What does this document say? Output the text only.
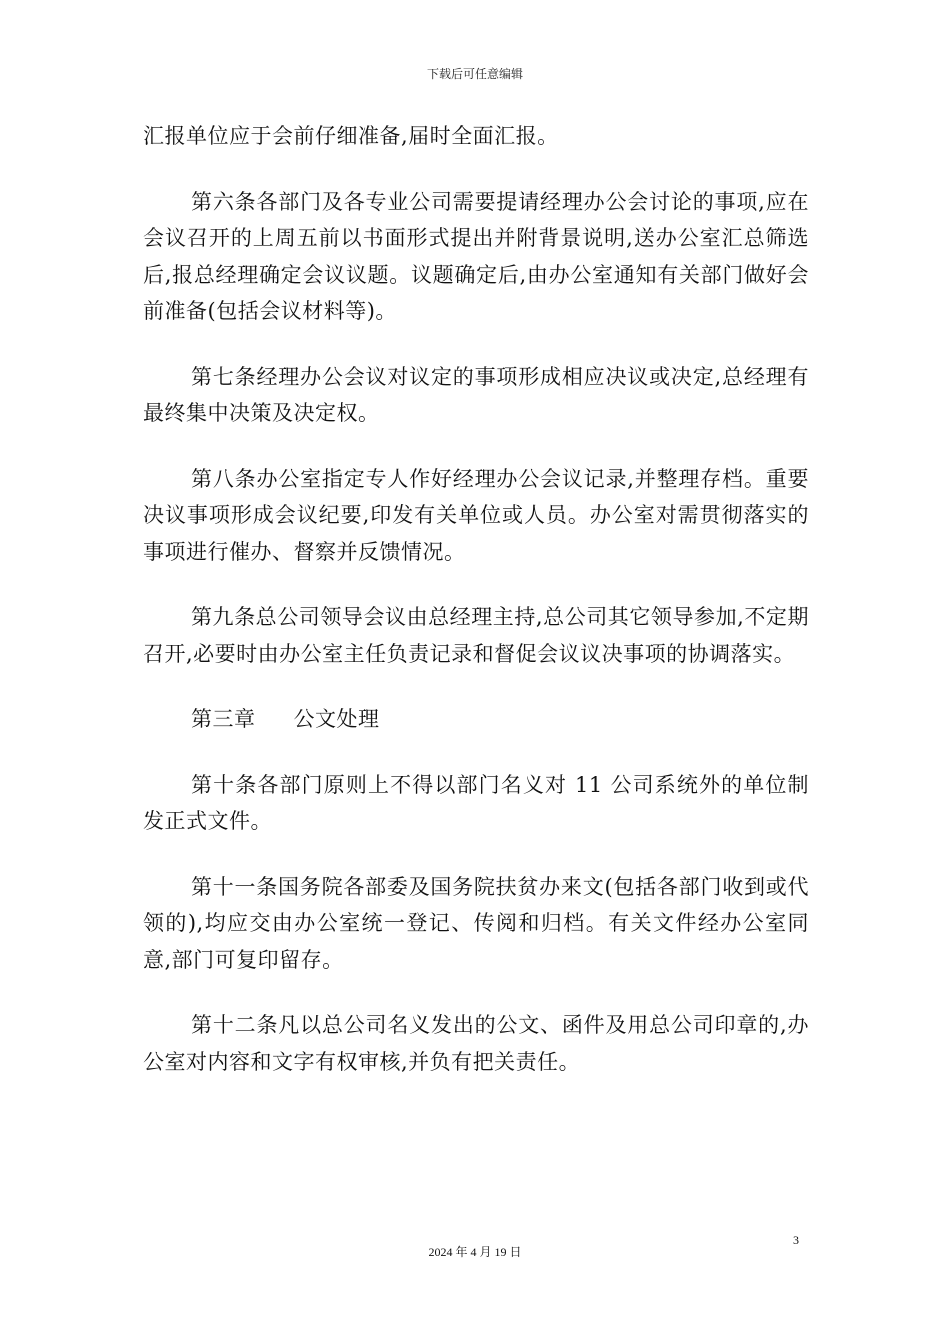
下载后可任意编辑

汇报单位应于会前仔细准备,届时全面汇报。

第六条各部门及各专业公司需要提请经理办公会讨论的事项,应在会议召开的上周五前以书面形式提出并附背景说明,送办公室汇总筛选后,报总经理确定会议议题。议题确定后,由办公室通知有关部门做好会前准备(包括会议材料等)。

第七条经理办公会议对议定的事项形成相应决议或决定,总经理有最终集中决策及决定权。

第八条办公室指定专人作好经理办公会议记录,并整理存档。重要决议事项形成会议纪要,印发有关单位或人员。办公室对需贯彻落实的事项进行催办、督察并反馈情况。

第九条总公司领导会议由总经理主持,总公司其它领导参加,不定期召开,必要时由办公室主任负责记录和督促会议议决事项的协调落实。

第三章 公文处理

第十条各部门原则上不得以部门名义对 11 公司系统外的单位制发正式文件。

第十一条国务院各部委及国务院扶贫办来文(包括各部门收到或代领的),均应交由办公室统一登记、传阅和归档。有关文件经办公室同意,部门可复印留存。

第十二条凡以总公司名义发出的公文、函件及用总公司印章的,办公室对内容和文字有权审核,并负有把关责任。

3
2024 年 4 月 19 日
